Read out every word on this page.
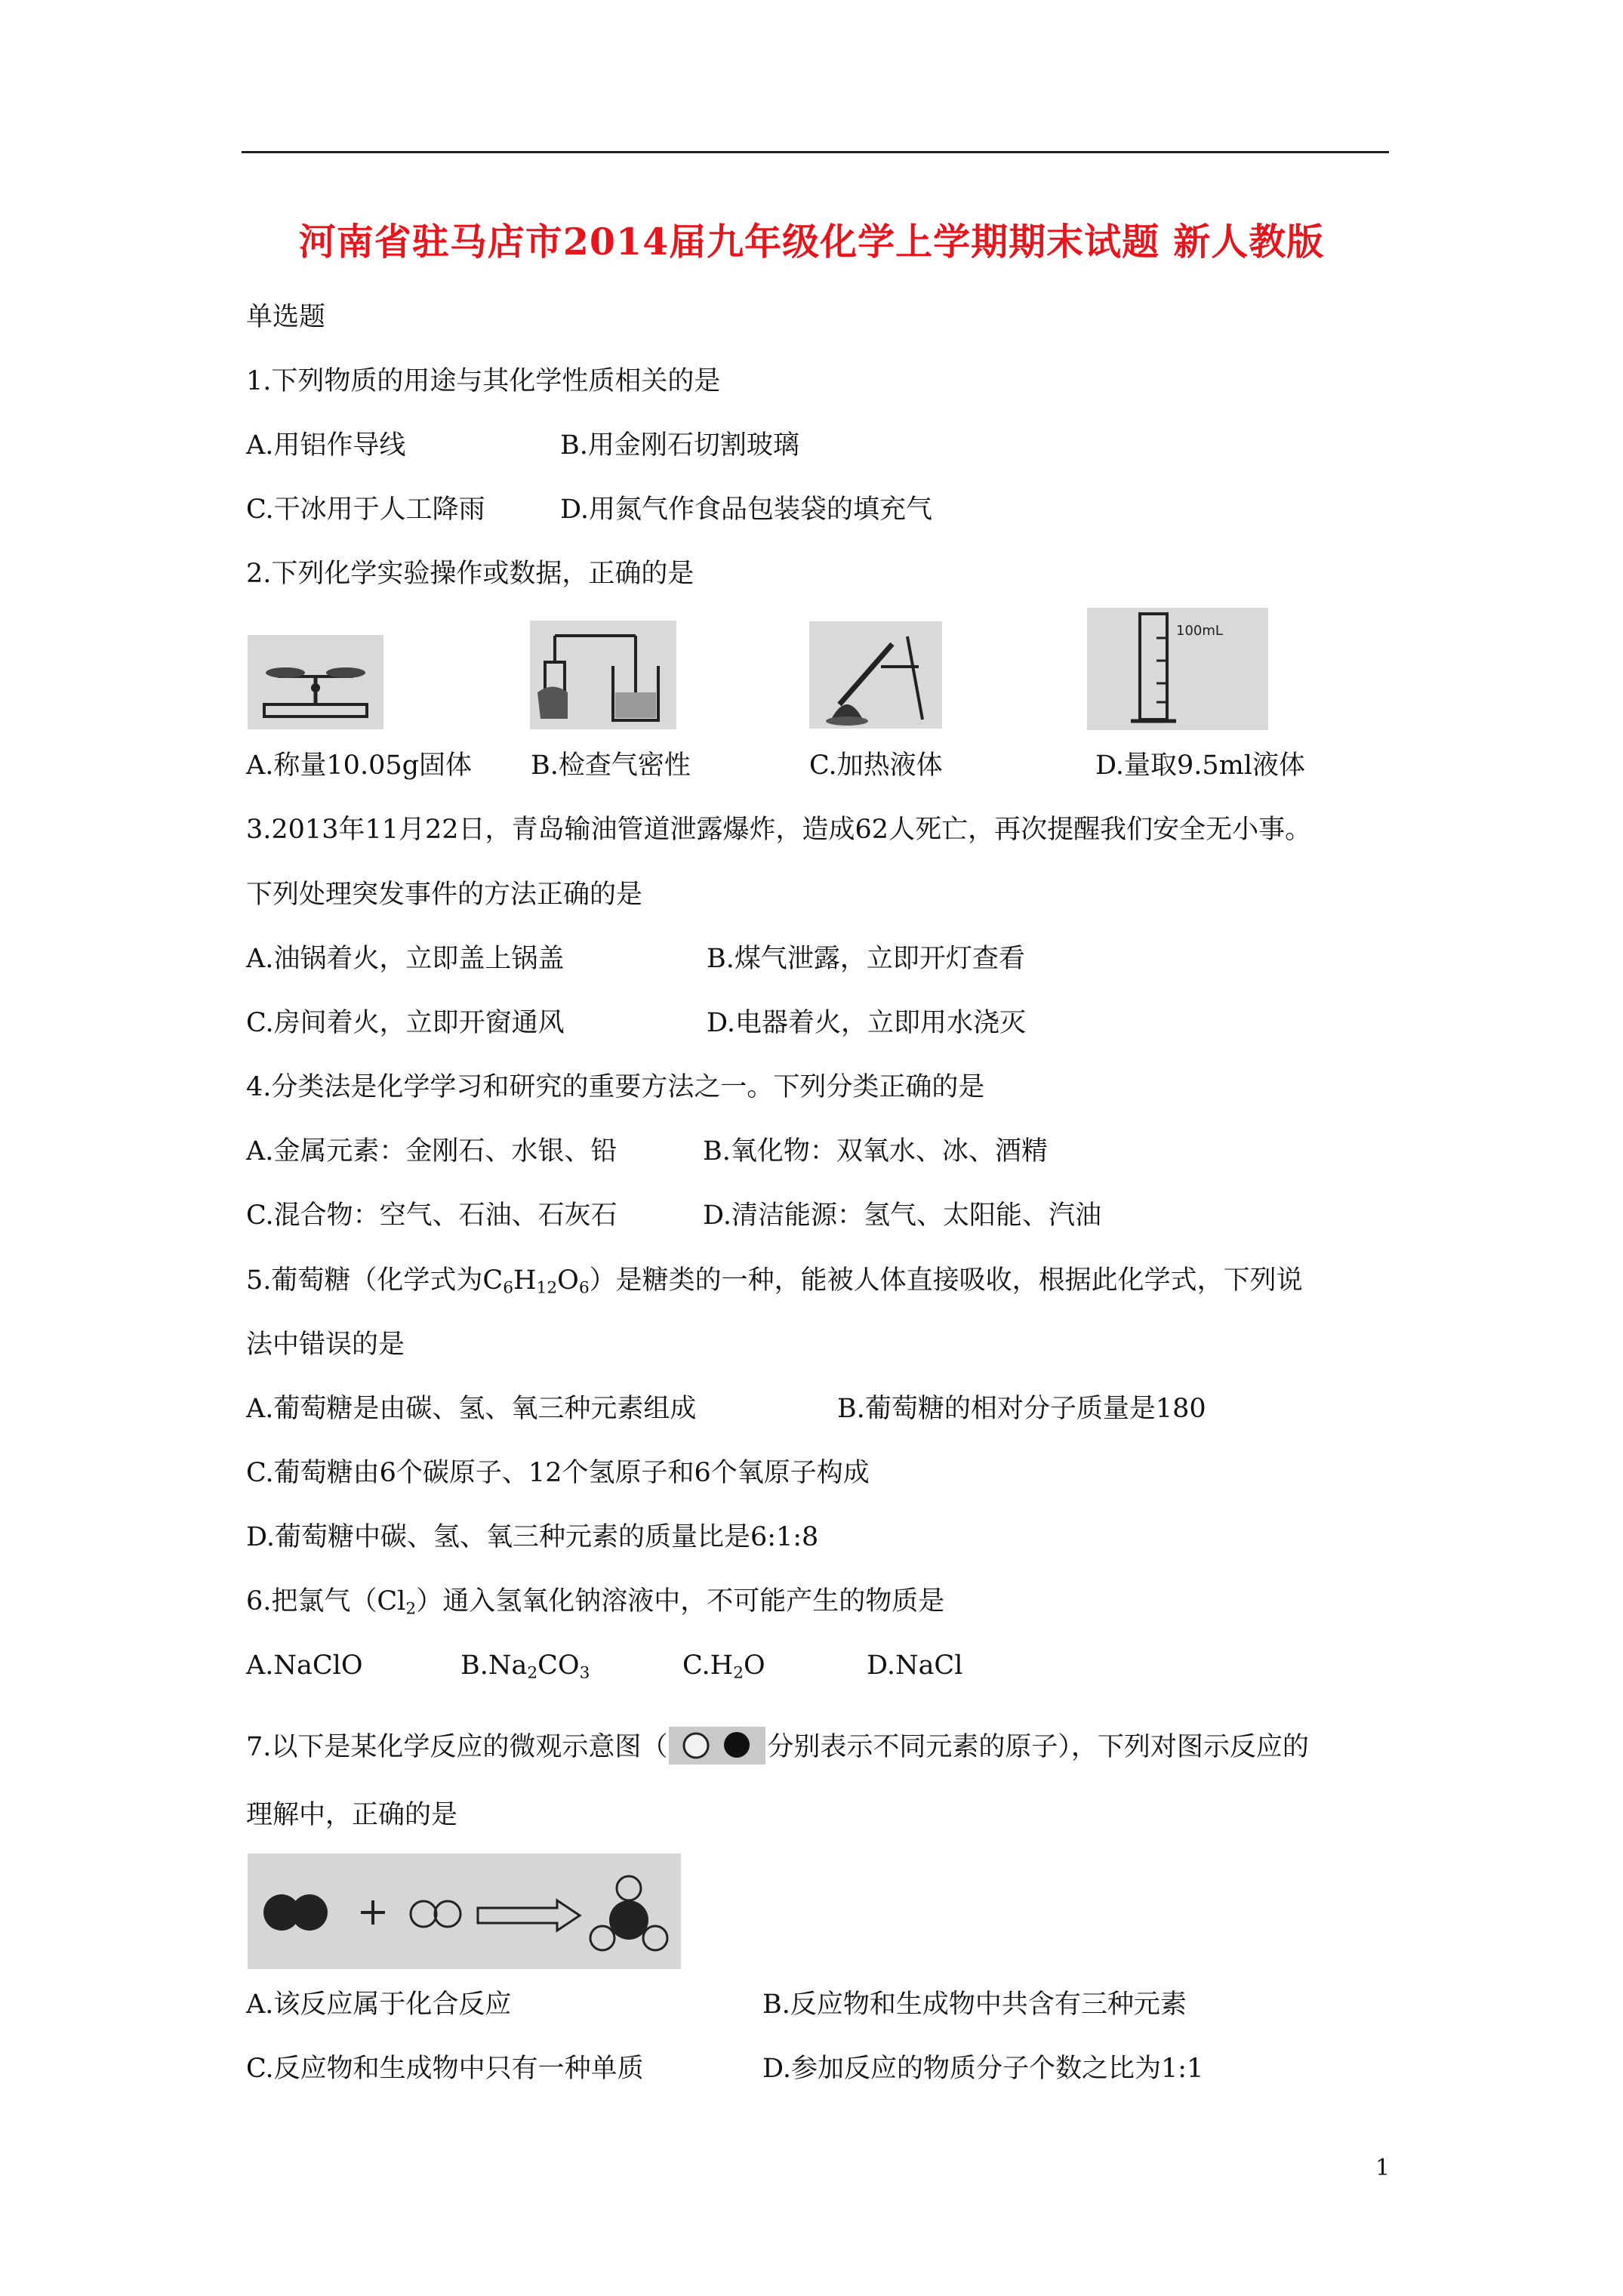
河南省驻马店市2014届九年级化学上学期期末试题 新人教版
单选题
1.下列物质的用途与其化学性质相关的是
A.用铝作导线	B.用金刚石切割玻璃
C.干冰用于人工降雨	D.用氮气作食品包装袋的填充气
2.下列化学实验操作或数据，正确的是
100mL
A.称量10.05g固体 B.检查气密性	C.加热液体	D.量取9.5ml液体
3.2013年11月22日，青岛输油管道泄露爆炸，造成62人死亡，再次提醒我们安全无小事。
下列处理突发事件的方法正确的是
A.油锅着火，立即盖上锅盖	B.煤气泄露，立即开灯查看
C.房间着火，立即开窗通风	D.电器着火，立即用水浇灭
4.分类法是化学学习和研究的重要方法之一。下列分类正确的是
A.金属元素：金刚石、水银、铅	B.氧化物：双氧水、冰、酒精
C.混合物：空气、石油、石灰石	D.清洁能源：氢气、太阳能、汽油
5.葡萄糖（化学式为$C_6H_{12}O_6$）是糖类的一种，能被人体直接吸收，根据此化学式，下列说
法中错误的是
A.葡萄糖是由碳、氢、氧三种元素组成	B.葡萄糖的相对分子质量是180
C.葡萄糖由6个碳原子、12个氢原子和6个氧原子构成
D.葡萄糖中碳、氢、氧三种元素的质量比是6:1:8
6.把氯气$(Cl_2)$通入氢氧化钠溶液中，不可能产生的物质是
A.NaClO	$B.Na_2CO_3$	$C.H_2O$	D.NaCl
7.以下是某化学反应的微观示意图（	分别表示不同元素的原子），下列对图示反应的
理解中，正确的是
A.该反应属于化合反应	B.反应物和生成物中共含有三种元素
C.反应物和生成物中只有一种单质	D.参加反应的物质分子个数之比为1:1
1
